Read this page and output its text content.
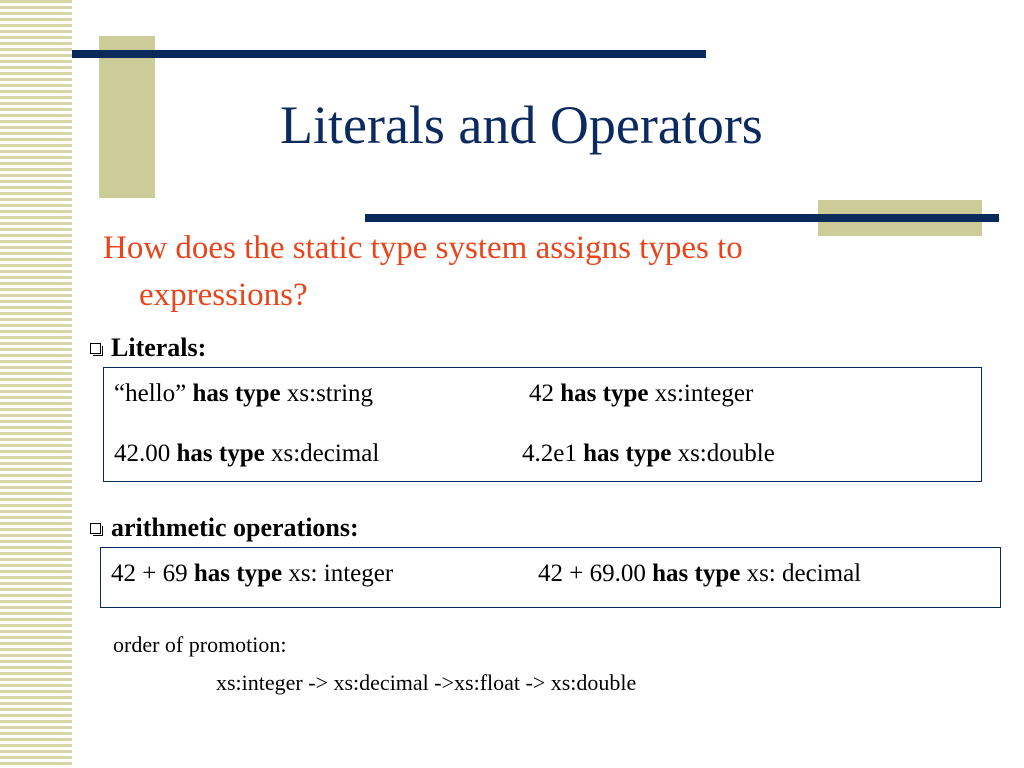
Literals and Operators
How does the static type system assigns types to
expressions?
Literals:
“hello” has type xs:string	42 has type xs:integer
42.00 has type xs:decimal	4.2e1 has type xs:double
arithmetic operations:
42 + 69 has type xs: integer	42 + 69.00 has type xs: decimal
order of promotion:
xs:integer -> xs:decimal ->xs:float -> xs:double
